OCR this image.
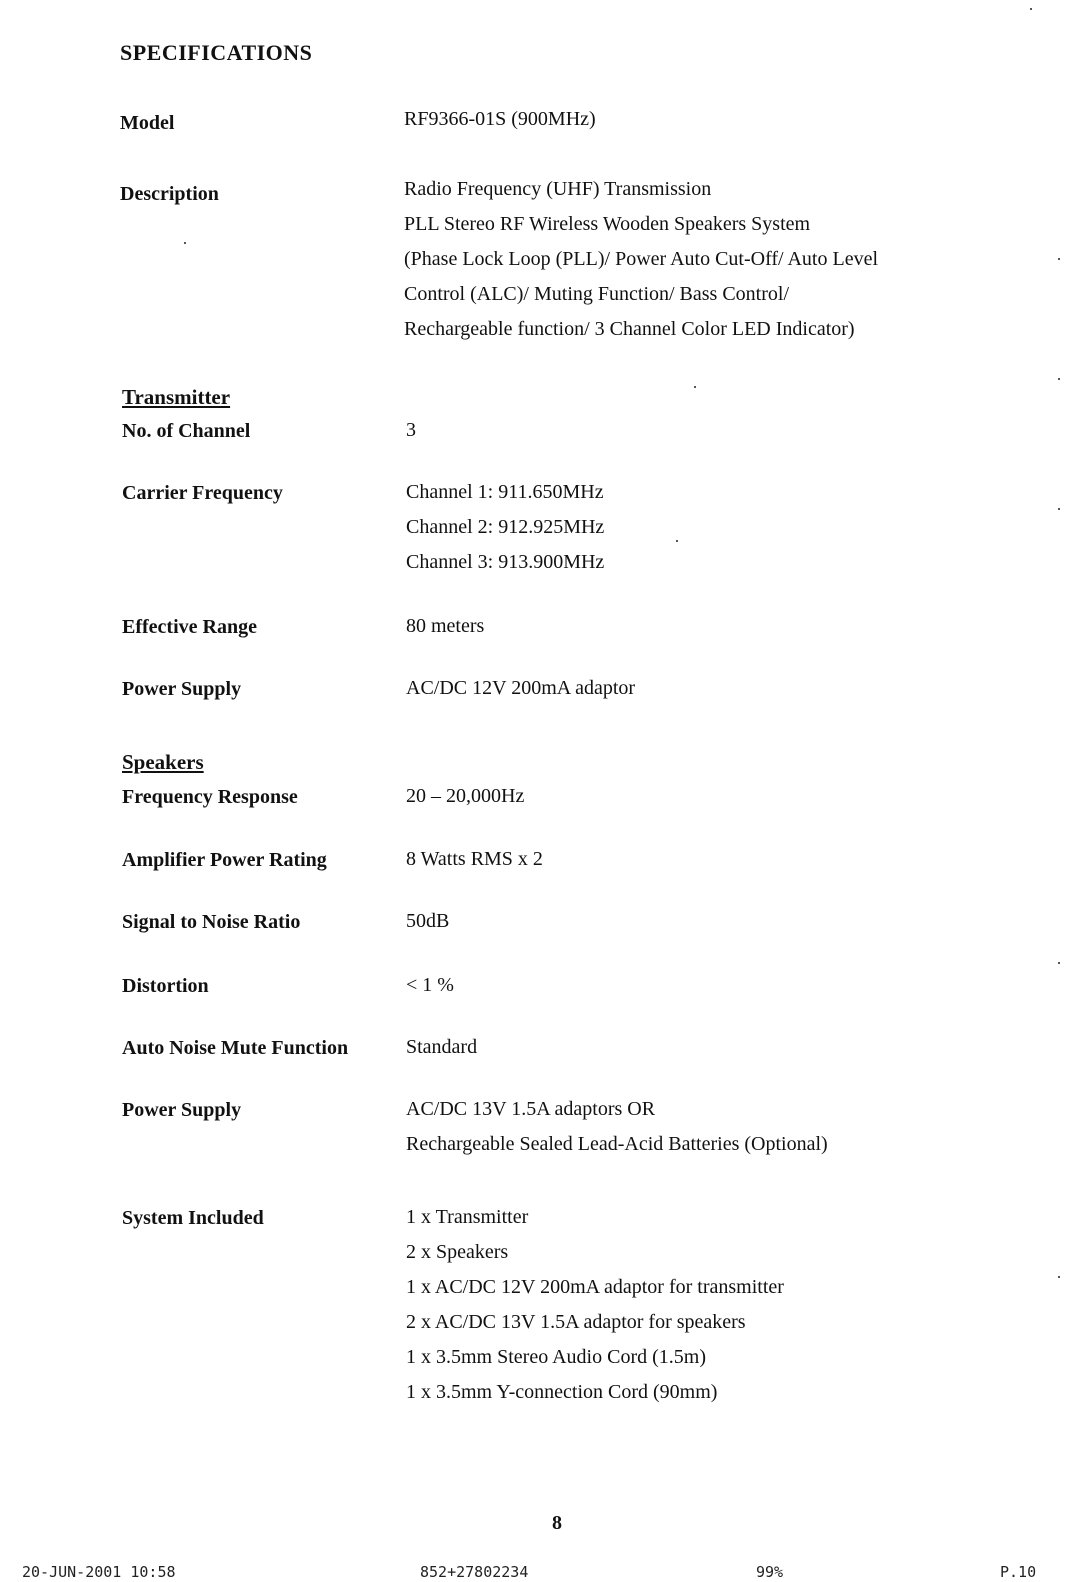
SPECIFICATIONS
Model	RF9366-01S (900MHz)
Description	Radio Frequency (UHF) Transmission
PLL Stereo RF Wireless Wooden Speakers System
(Phase Lock Loop (PLL)/ Power Auto Cut-Off/ Auto Level
Control (ALC)/ Muting Function/ Bass Control/
Rechargeable function/ 3 Channel Color LED Indicator)
Transmitter
No. of Channel	3
Carrier Frequency	Channel 1: 911.650MHz
Channel 2: 912.925MHz
Channel 3: 913.900MHz
Effective Range	80 meters
Power Supply	AC/DC 12V 200mA adaptor
Speakers
Frequency Response	20 – 20,000Hz
Amplifier Power Rating	8 Watts RMS x 2
Signal to Noise Ratio	50dB
Distortion	< 1 %
Auto Noise Mute Function	Standard
Power Supply	AC/DC 13V 1.5A adaptors OR
Rechargeable Sealed Lead-Acid Batteries (Optional)
System Included	1 x Transmitter
2 x Speakers
1 x AC/DC 12V 200mA adaptor for transmitter
2 x AC/DC 13V 1.5A adaptor for speakers
1 x 3.5mm Stereo Audio Cord (1.5m)
1 x 3.5mm Y-connection Cord (90mm)
8
20-JUN-2001 10:58	852+27802234	99%	P.10
